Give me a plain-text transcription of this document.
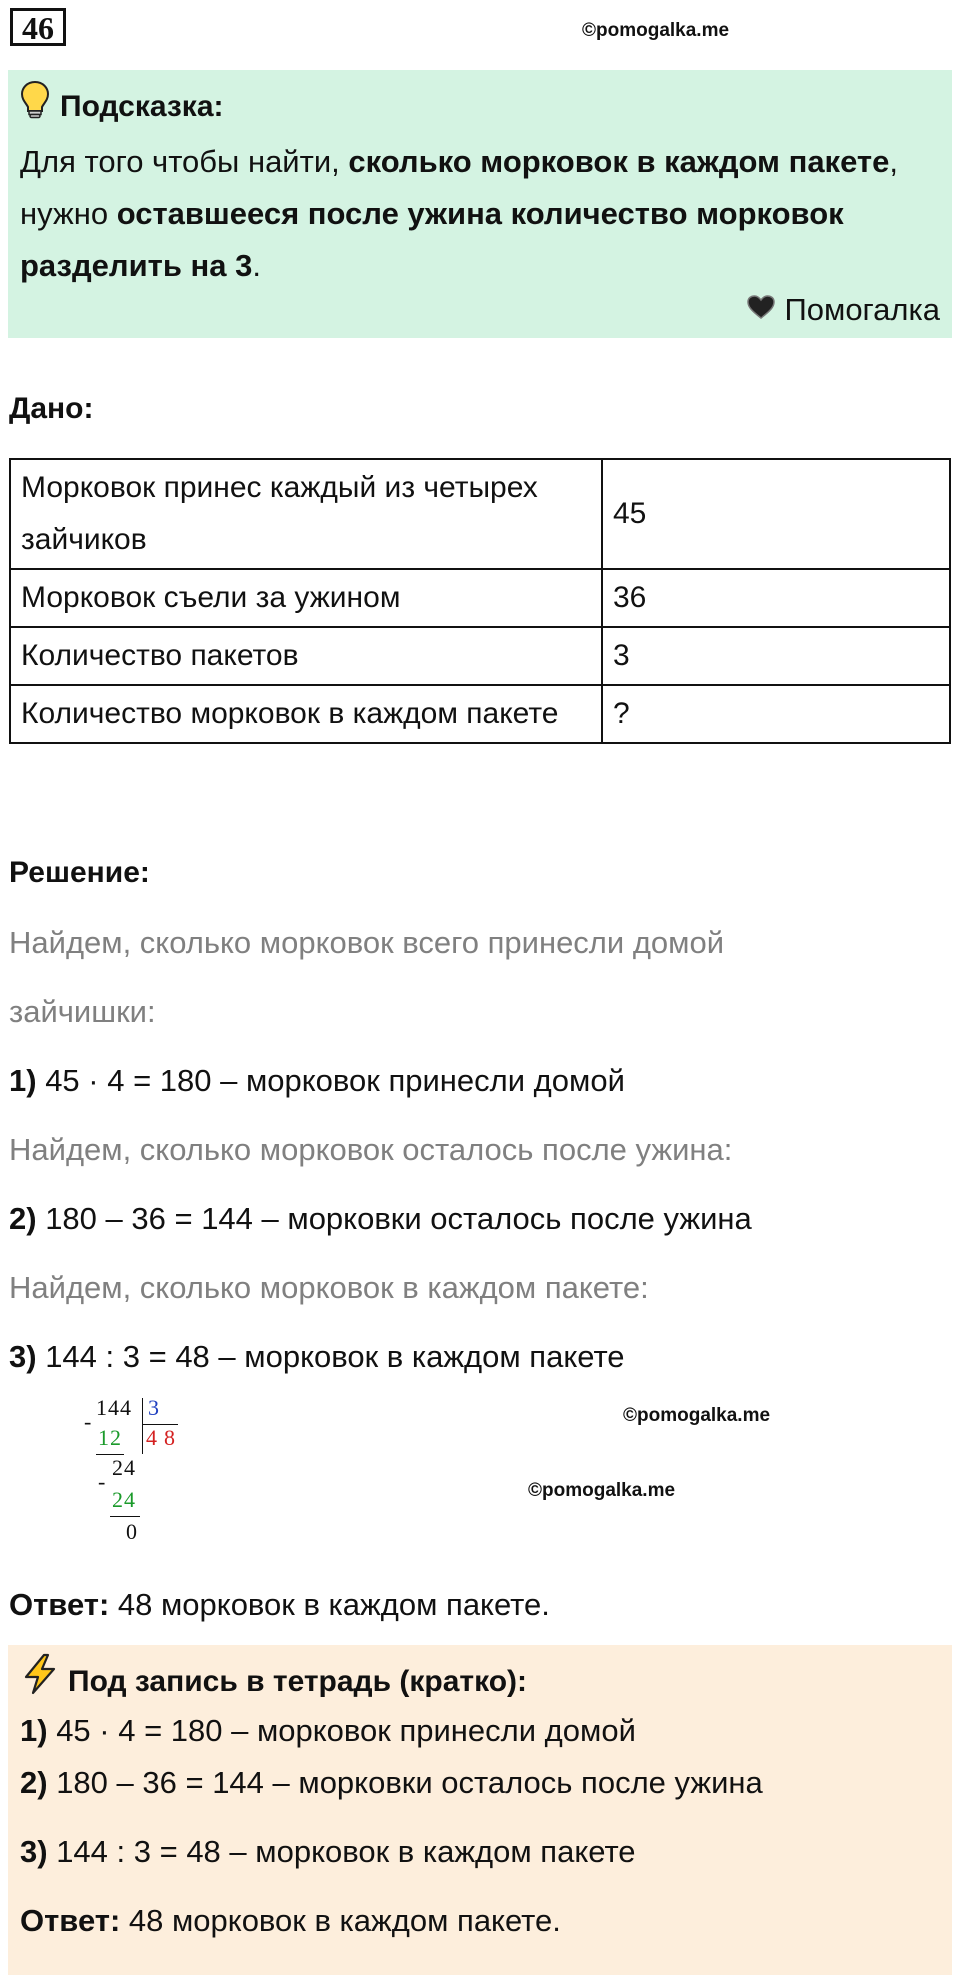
46	©pomogalka.me
Подсказка:
Для того чтобы найти, сколько морковок в каждом пакете, нужно оставшееся после ужина количество морковок разделить на 3.
Помогалка
Дано:
Морковок принес каждый из четырех зайчиков	45
Морковок съели за ужином	36
Количество пакетов	3
Количество морковок в каждом пакете	?
Решение:
Найдем, сколько морковок всего принесли домой
зайчишки:
1) 45 · 4 = 180 – морковок принесли домой
Найдем, сколько морковок осталось после ужина:
2) 180 – 36 = 144 – морковки осталось после ужина
Найдем, сколько морковок в каждом пакете:
3) 144 : 3 = 48 – морковок в каждом пакете
144 3
4 8
-
12
24
-
24
0
©pomogalka.me
©pomogalka.me
Ответ: 48 морковок в каждом пакете.
Под запись в тетрадь (кратко):
1) 45 · 4 = 180 – морковок принесли домой
2) 180 – 36 = 144 – морковки осталось после ужина
3) 144 : 3 = 48 – морковок в каждом пакете
Ответ: 48 морковок в каждом пакете.
